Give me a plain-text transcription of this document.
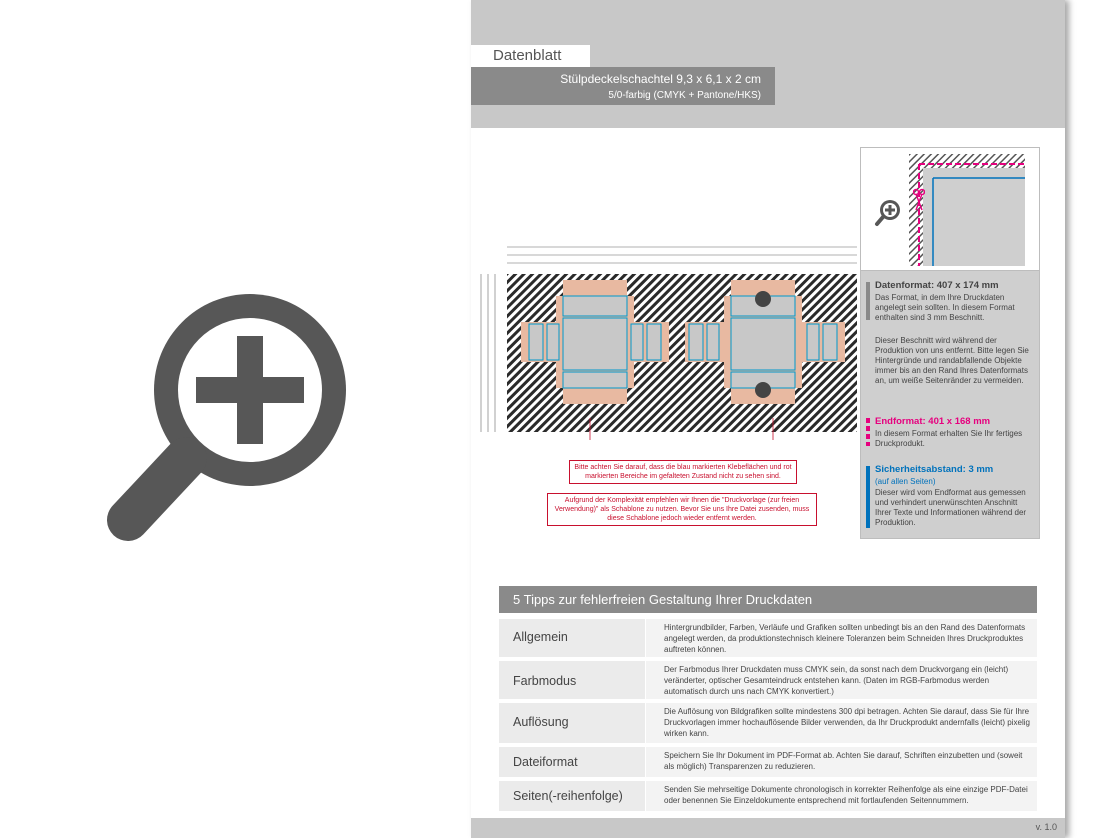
Datenblatt
Stülpdeckelschachtel 9,3 x 6,1 x 2 cm
5/0-farbig (CMYK + Pantone/HKS)
Bitte achten Sie darauf, dass die blau markierten Klebeflächen und rot markierten Bereiche im gefalteten Zustand nicht zu sehen sind.
Aufgrund der Komplexität empfehlen wir Ihnen die "Druckvorlage (zur freien Verwendung)" als Schablone zu nutzen. Bevor Sie uns Ihre Datei zusenden, muss diese Schablone jedoch wieder entfernt werden.
Datenformat: 407 x 174 mm
Das Format, in dem Ihre Druckdaten angelegt sein sollten. In diesem Format enthalten sind 3 mm Beschnitt.
Dieser Beschnitt wird während der Produktion von uns entfernt. Bitte legen Sie Hintergründe und randabfallende Objekte immer bis an den Rand Ihres Datenformats an, um weiße Seitenränder zu vermeiden.
Endformat: 401 x 168 mm
In diesem Format erhalten Sie Ihr fertiges Druckprodukt.
Sicherheitsabstand: 3 mm
(auf allen Seiten)
Dieser wird vom Endformat aus gemessen und verhindert unerwünschten Anschnitt Ihrer Texte und Informationen während der Produktion.
5 Tipps zur fehlerfreien Gestaltung Ihrer Druckdaten
Allgemein
Hintergrundbilder, Farben, Verläufe und Grafiken sollten unbedingt bis an den Rand des Datenformats angelegt werden, da produktionstechnisch kleinere Toleranzen beim Schneiden Ihres Druckproduktes auftreten können.
Farbmodus
Der Farbmodus Ihrer Druckdaten muss CMYK sein, da sonst nach dem Druckvorgang ein (leicht) veränderter, optischer Gesamteindruck entstehen kann. (Daten im RGB-Farbmodus werden automatisch durch uns nach CMYK konvertiert.)
Auflösung
Die Auflösung von Bildgrafiken sollte mindestens 300 dpi betragen. Achten Sie darauf, dass Sie für Ihre Druckvorlagen immer hochauflösende Bilder verwenden, da Ihr Druckprodukt andernfalls (leicht) pixelig wirken kann.
Dateiformat	Speichern Sie Ihr Dokument im PDF-Format ab. Achten Sie darauf, Schriften einzubetten und (soweit als möglich) Transparenzen zu reduzieren.
Seiten(-reihenfolge)	Senden Sie mehrseitige Dokumente chronologisch in korrekter Reihenfolge als eine einzige PDF-Datei oder benennen Sie Einzeldokumente entsprechend mit fortlaufenden Seitennummern.
v. 1.0
